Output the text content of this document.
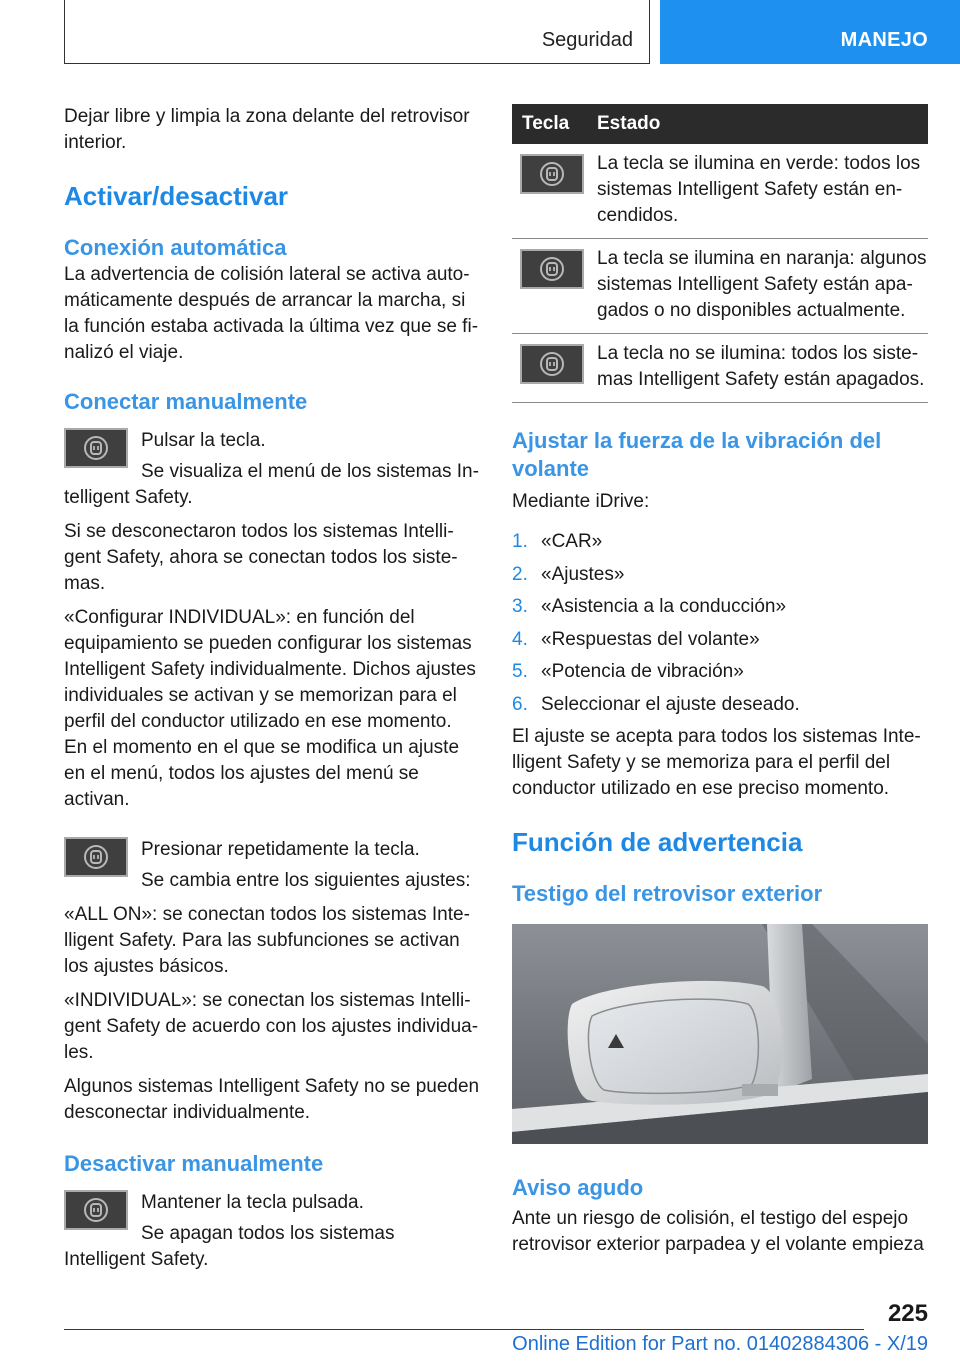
Seguridad	MANEJO

Dejar libre y limpia la zona delante del retrovisor interior.

Activar/desactivar
Conexión automática

La advertencia de colisión lateral se activa automáticamente después de arrancar la marcha, si la función estaba activada la última vez que se finalizó el viaje.

Conectar manualmente

Pulsar la tecla.

Se visualiza el menú de los sistemas Intelligent Safety.

Si se desconectaron todos los sistemas Intelligent Safety, ahora se conectan todos los sistemas.

«Configurar INDIVIDUAL»: en función del equipamiento se pueden configurar los sistemas Intelligent Safety individualmente. Dichos ajustes individuales se activan y se memorizan para el perfil del conductor utilizado en ese momento. En el momento en el que se modifica un ajuste en el menú, todos los ajustes del menú se activan.

Presionar repetidamente la tecla.

Se cambia entre los siguientes ajustes:

«ALL ON»: se conectan todos los sistemas Intelligent Safety. Para las subfunciones se activan los ajustes básicos.

«INDIVIDUAL»: se conectan los sistemas Intelligent Safety de acuerdo con los ajustes individuales.

Algunos sistemas Intelligent Safety no se pueden desconectar individualmente.

Desactivar manualmente

Mantener la tecla pulsada.

Se apagan todos los sistemas Intelligent Safety.

Tecla	Estado

	La tecla se ilumina en verde: todos los sistemas Intelligent Safety están encendidos.

	La tecla se ilumina en naranja: algunos sistemas Intelligent Safety están apagados o no disponibles actualmente.

	La tecla no se ilumina: todos los sistemas Intelligent Safety están apagados.
Ajustar la fuerza de la vibración del volante

Mediante iDrive:

1. «CAR»
2. «Ajustes»
3. «Asistencia a la conducción»
4. «Respuestas del volante»
5. «Potencia de vibración»
6. Seleccionar el ajuste deseado.

El ajuste se acepta para todos los sistemas Intelligent Safety y se memoriza para el perfil del conductor utilizado en ese preciso momento.

Función de advertencia
Testigo del retrovisor exterior
Aviso agudo

Ante un riesgo de colisión, el testigo del espejo retrovisor exterior parpadea y el volante empieza

225
Online Edition for Part no. 01402884306 - X/19
